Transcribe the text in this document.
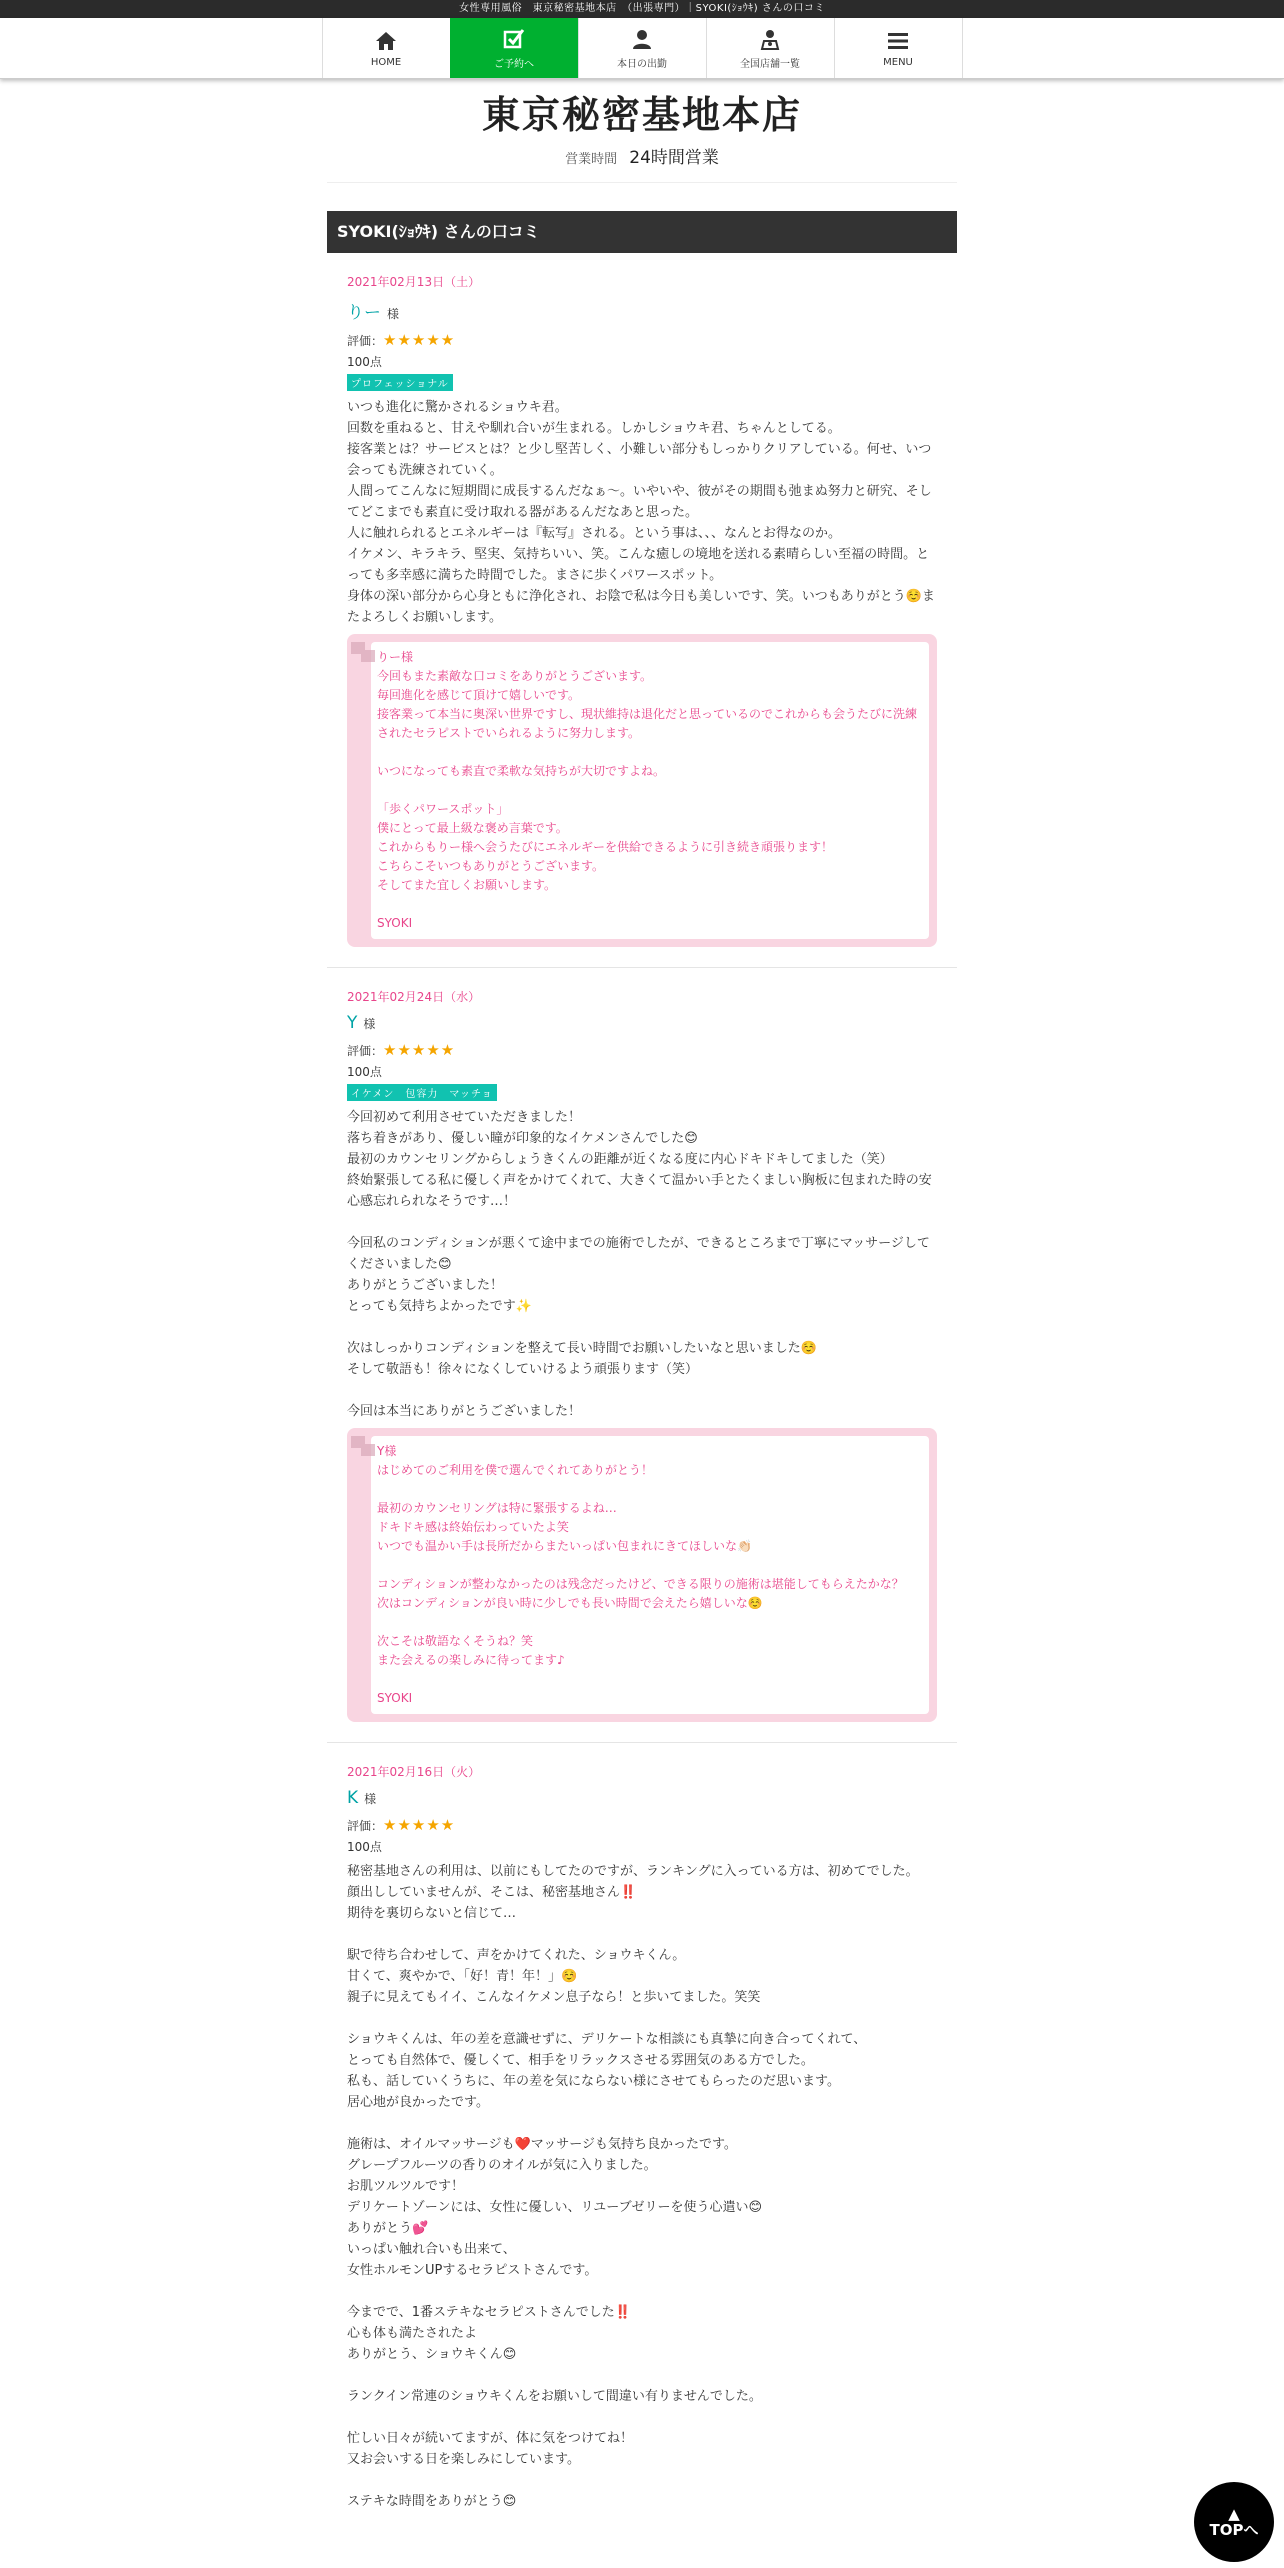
女性専用風俗　東京秘密基地本店　（出張専門）｜SYOKI(ｼｮｳｷ) さんの口コミ
HOME	ご予約へ	本日の出勤	全国店舗一覧	MENU
東京秘密基地本店
営業時間 24時間営業
SYOKI(ｼｮｳｷ) さんの口コミ
2021年02月13日（土）
りー 様
評価：★★★★★
100点
プロフェッショナル
いつも進化に驚かされるショウキ君。
回数を重ねると、甘えや馴れ合いが生まれる。しかしショウキ君、ちゃんとしてる。
接客業とは？サービスとは？と少し堅苦しく、小難しい部分もしっかりクリアしている。何せ、いつ会っても洗練されていく。
人間ってこんなに短期間に成長するんだなぁ〜。いやいや、彼がその期間も弛まぬ努力と研究、そしてどこまでも素直に受け取れる器があるんだなあと思った。
人に触れられるとエネルギーは『転写』される。という事は、、、なんとお得なのか。
イケメン、キラキラ、堅実、気持ちいい、笑。こんな癒しの境地を送れる素晴らしい至福の時間。とっても多幸感に満ちた時間でした。まさに歩くパワースポット。
身体の深い部分から心身ともに浄化され、お陰で私は今日も美しいです、笑。いつもありがとう☺️またよろしくお願いします。
りー様
今回もまた素敵な口コミをありがとうございます。
毎回進化を感じて頂けて嬉しいです。
接客業って本当に奥深い世界ですし、現状維持は退化だと思っているのでこれからも会うたびに洗練されたセラピストでいられるように努力します。

いつになっても素直で柔軟な気持ちが大切ですよね。

「歩くパワースポット」
僕にとって最上級な褒め言葉です。
これからもりー様へ会うたびにエネルギーを供給できるように引き続き頑張ります！
こちらこそいつもありがとうございます。
そしてまた宜しくお願いします。

SYOKI
2021年02月24日（水）
Y 様
評価：★★★★★
100点
イケメン　包容力　マッチョ
今回初めて利用させていただきました！
落ち着きがあり、優しい瞳が印象的なイケメンさんでした😊
最初のカウンセリングからしょうきくんの距離が近くなる度に内心ドキドキしてました（笑）
終始緊張してる私に優しく声をかけてくれて、大きくて温かい手とたくましい胸板に包まれた時の安心感忘れられなそうです…！

今回私のコンディションが悪くて途中までの施術でしたが、できるところまで丁寧にマッサージしてくださいました😊
ありがとうございました！
とっても気持ちよかったです✨

次はしっかりコンディションを整えて長い時間でお願いしたいなと思いました☺️
そして敬語も！徐々になくしていけるよう頑張ります（笑）

今回は本当にありがとうございました！
Y様
はじめてのご利用を僕で選んでくれてありがとう！

最初のカウンセリングは特に緊張するよね…
ドキドキ感は終始伝わっていたよ笑
いつでも温かい手は長所だからまたいっぱい包まれにきてほしいな👏🏻

コンディションが整わなかったのは残念だったけど、できる限りの施術は堪能してもらえたかな？
次はコンディションが良い時に少しでも長い時間で会えたら嬉しいな☺️

次こそは敬語なくそうね？笑
また会えるの楽しみに待ってます♪

SYOKI
2021年02月16日（火）
K 様
評価：★★★★★
100点
秘密基地さんの利用は、以前にもしてたのですが、ランキングに入っている方は、初めてでした。
顔出ししていませんが、そこは、秘密基地さん‼️
期待を裏切らないと信じて…

駅で待ち合わせして、声をかけてくれた、ショウキくん。
甘くて、爽やかで、「好！青！年！」☺️
親子に見えてもイイ、こんなイケメン息子なら！と歩いてました。笑笑

ショウキくんは、年の差を意識せずに、デリケートな相談にも真摯に向き合ってくれて、
とっても自然体で、優しくて、相手をリラックスさせる雰囲気のある方でした。
私も、話していくうちに、年の差を気にならない様にさせてもらったのだ思います。
居心地が良かったです。

施術は、オイルマッサージも❤️マッサージも気持ち良かったです。
グレープフルーツの香りのオイルが気に入りました。
お肌ツルツルです！
デリケートゾーンには、女性に優しい、リユーブゼリーを使う心遣い😊
ありがとう💕
いっぱい触れ合いも出来て、
女性ホルモンUPするセラピストさんです。

今までで、1番ステキなセラピストさんでした‼️
心も体も満たされたよ
ありがとう、ショウキくん😊

ランクイン常連のショウキくんをお願いして間違い有りませんでした。

忙しい日々が続いてますが、体に気をつけてね！
又お会いする日を楽しみにしています。

ステキな時間をありがとう😊
▲
TOPへ
